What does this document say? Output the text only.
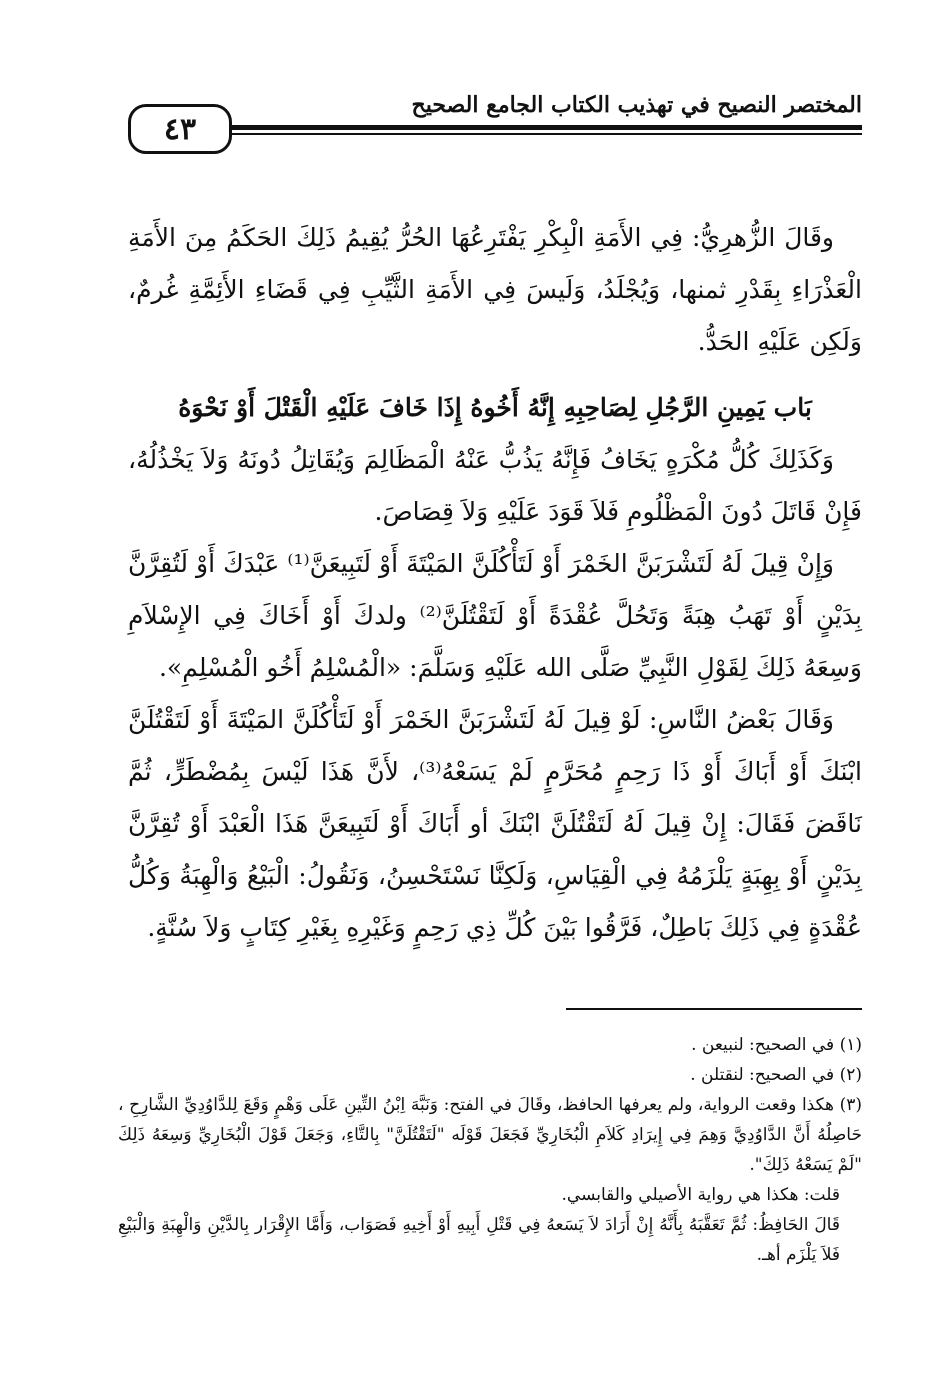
٤٣
المختصر النصيح في تهذيب الكتاب الجامع الصحيح

وقَالَ الزُّهرِيُّ: فِي الأَمَةِ الْبِكْرِ يَفْتَرِعُهَا الحُرُّ يُقِيمُ ذَلِكَ الحَكَمُ مِنَ الأَمَةِ الْعَذْرَاءِ بِقَدْرِ ثمنها، وَيُجْلَدُ، وَلَيسَ فِي الأَمَةِ الثَّيِّبِ فِي قَضَاءِ الأَئِمَّةِ غُرمٌ، وَلَكِن عَلَيْهِ الحَدُّ.

بَاب يَمِينِ الرَّجُلِ لِصَاحِبِهِ إِنَّهُ أَخُوهُ إِذَا خَافَ عَلَيْهِ الْقَتْلَ أَوْ نَحْوَهُ

وَكَذَلِكَ كُلُّ مُكْرَهٍ يَخَافُ فَإِنَّهُ يَذُبُّ عَنْهُ الْمَظَالِمَ وَيُقَاتِلُ دُونَهُ وَلاَ يَخْذُلُهُ، فَإِنْ قَاتَلَ دُونَ الْمَظْلُومِ فَلاَ قَوَدَ عَلَيْهِ وَلاَ قِصَاصَ.

وَإِنْ قِيلَ لَهُ لَتَشْرَبَنَّ الخَمْرَ أَوْ لَتَأْكُلَنَّ المَيْتَةَ أَوْ لَتَبِيعَنَّ⁽¹⁾ عَبْدَكَ أَوْ لَتُقِرَّنَّ بِدَيْنٍ أَوْ تَهَبُ هِبَةً وَتَحُلَّ عُقْدَةً أَوْ لَتَقْتُلَنَّ⁽²⁾ ولدكَ أَوْ أَخَاكَ فِي الإِسْلاَمِ وَسِعَهُ ذَلِكَ لِقَوْلِ النَّبِيِّ صَلَّى الله عَلَيْهِ وَسَلَّمَ: «الْمُسْلِمُ أَخُو الْمُسْلِمِ».

وَقَالَ بَعْضُ النَّاسِ: لَوْ قِيلَ لَهُ لَتَشْرَبَنَّ الخَمْرَ أَوْ لَتَأْكُلَنَّ المَيْتَةَ أَوْ لَتَقْتُلَنَّ ابْنَكَ أَوْ أَبَاكَ أَوْ ذَا رَحِمٍ مُحَرَّمٍ لَمْ يَسَعْهُ⁽³⁾، لأَنَّ هَذَا لَيْسَ بِمُضْطَرٍّ، ثُمَّ نَاقَضَ فَقَالَ: إِنْ قِيلَ لَهُ لَتَقْتُلَنَّ ابْنَكَ أو أَبَاكَ أَوْ لَتَبِيعَنَّ هَذَا الْعَبْدَ أَوْ تُقِرَّنَّ بِدَيْنٍ أَوْ بِهِبَةٍ يَلْزَمُهُ فِي الْقِيَاسِ، وَلَكِنَّا نَسْتَحْسِنُ، وَنَقُولُ: الْبَيْعُ وَالْهِبَةُ وَكُلُّ عُقْدَةٍ فِي ذَلِكَ بَاطِلٌ، فَرَّقُوا بَيْنَ كُلِّ ذِي رَحِمٍ وَغَيْرِهِ بِغَيْرِ كِتَابٍ وَلاَ سُنَّةٍ.

(١) في الصحيح: لنبيعن .

(٢) في الصحيح: لنقتلن .

(٣) هكذا وقعت الرواية، ولم يعرفها الحافظ، وقَالَ في الفتح: وَنَبَّهَ اِبْنُ التِّينِ عَلَى وَهْمٍ وَقَعَ لِلدَّاوُدِيِّ الشَّارِحِ ، حَاصِلُهُ أَنَّ الدَّاوُدِيَّ وَهِمَ فِي إِيرَادِ كَلاَمِ الْبُخَارِيِّ فَجَعَلَ قَوْلَه "لَتَقْتُلَنَّ" بِالتَّاءِ، وَجَعَلَ قَوْلَ الْبُخَارِيِّ وَسِعَهُ ذَلِكَ "لَمْ يَسَعْهُ ذَلِكَ".

قلت: هكذا هي رواية الأصيلي والقابسي.

قَالَ الحَافِظُ: ثُمَّ تَعَقَّبَهُ بِأَنَّهُ إِنْ أَرَادَ لاَ يَسَعهُ فِي قَتْلِ أَبِيهِ أَوْ أَخِيهِ فَصَوَاب، وَأَمَّا الإِقْرَار بِالدَّيْنِ وَالْهِبَةِ وَالْبَيْعِ فَلاَ يَلْزَم أهـ.
